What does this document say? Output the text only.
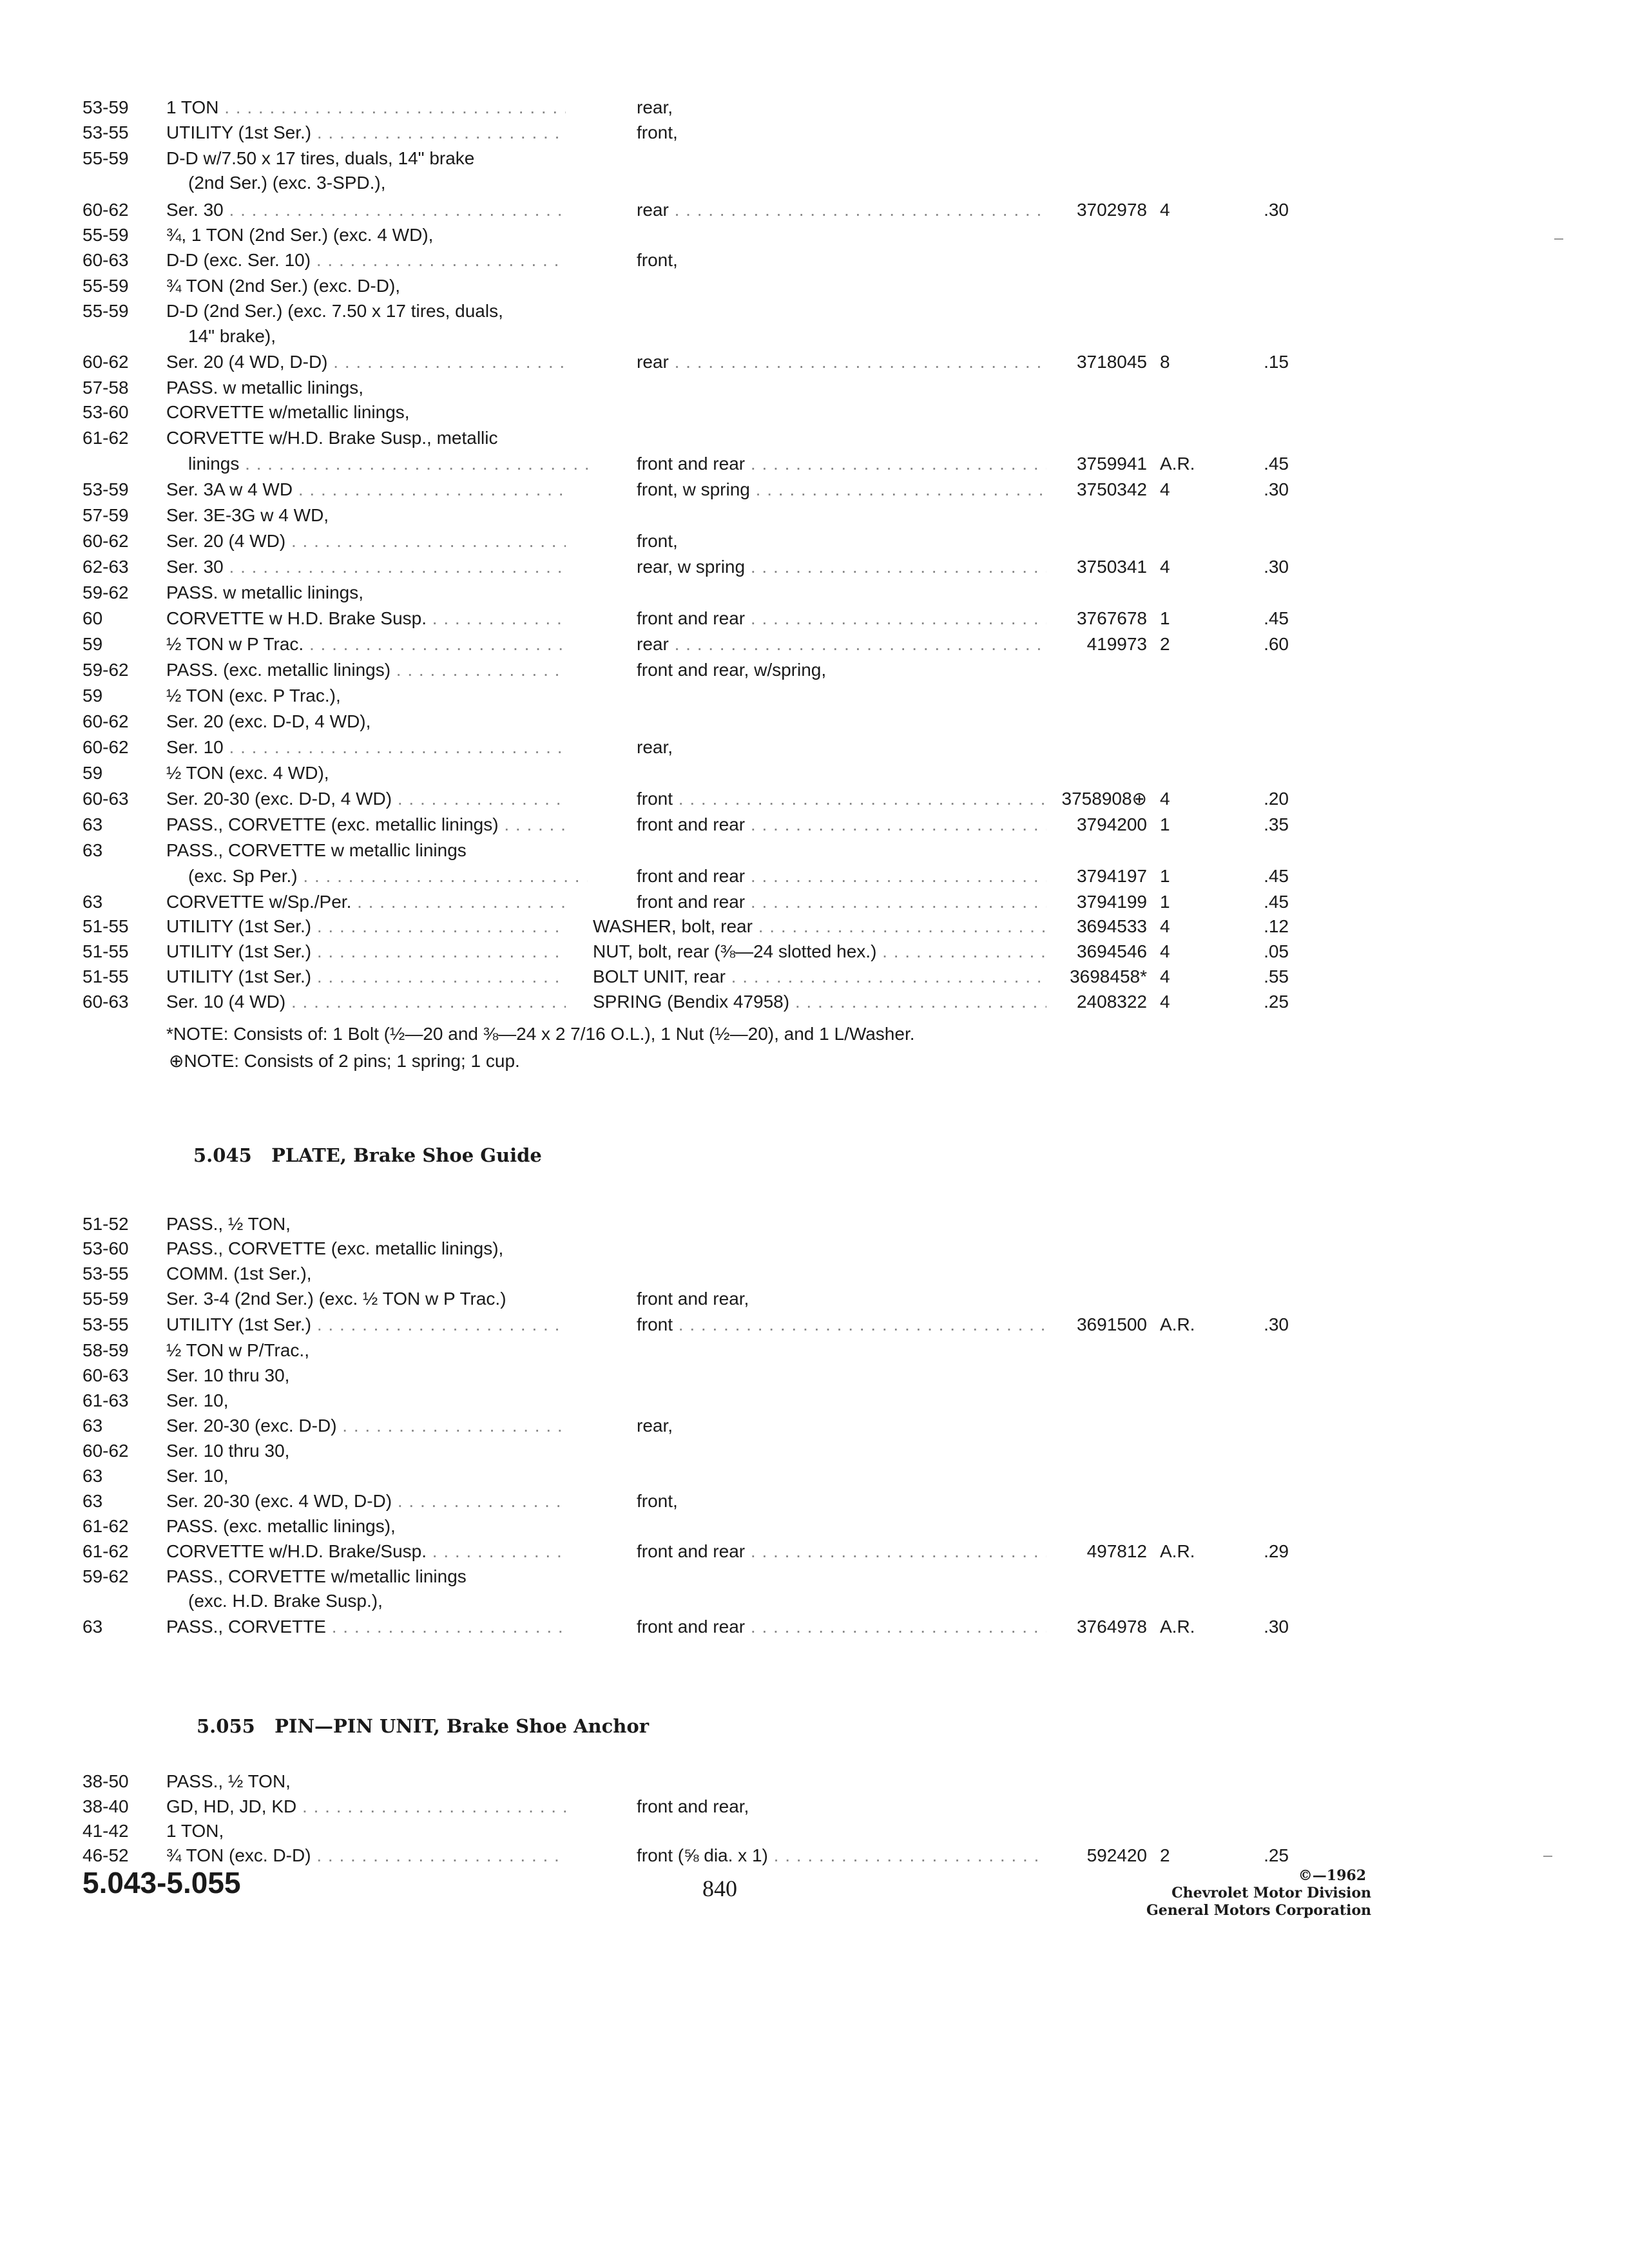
53-59	1 TON . . .	rear,
53-55	UTILITY (1st Ser.) . . .	front,
55-59	D-D w/7.50 x 17 tires, duals, 14" brake
(2nd Ser.) (exc. 3-SPD.),
60-62	Ser. 30 . . .	rear . . .	3702978 4	.30
55-59	¾, 1 TON (2nd Ser.) (exc. 4 WD),
60-63	D-D (exc. Ser. 10) . . .	front,
55-59	¾ TON (2nd Ser.) (exc. D-D),
55-59	D-D (2nd Ser.) (exc. 7.50 x 17 tires, duals,
14" brake),
60-62	Ser. 20 (4 WD, D-D) . . .	rear . . .	3718045 8	.15
57-58	PASS. w metallic linings,
53-60	CORVETTE w/metallic linings,
61-62	CORVETTE w/H.D. Brake Susp., metallic
linings . . .	front and rear . . .	3759941 A.R.	.45
53-59	Ser. 3A w 4 WD . . .	front, w spring . . .	3750342 4	.30
57-59	Ser. 3E-3G w 4 WD,
60-62	Ser. 20 (4 WD) . . .	front,
62-63	Ser. 30 . . .	rear, w spring . . .	3750341 4	.30
59-62	PASS. w metallic linings,
60	CORVETTE w H.D. Brake Susp. . . .	front and rear . . .	3767678 1	.45
59	½ TON w P Trac. . . .	rear . . .	419973 2	.60
59-62	PASS. (exc. metallic linings) . . .	front and rear, w/spring,
59	½ TON (exc. P Trac.),
60-62	Ser. 20 (exc. D-D, 4 WD),
60-62	Ser. 10 . . .	rear,
59	½ TON (exc. 4 WD),
60-63	Ser. 20-30 (exc. D-D, 4 WD) . . .	front . . .	3758908⊕ 4	.20
63	PASS., CORVETTE (exc. metallic linings) . . .	front and rear . . .	3794200 1	.35
63	PASS., CORVETTE w metallic linings
(exc. Sp Per.) . . .	front and rear . . .	3794197 1	.45
63	CORVETTE w/Sp./Per. . . .	front and rear . . .	3794199 1	.45
51-55	UTILITY (1st Ser.) . . .	WASHER, bolt, rear . . .	3694533 4	.12
51-55	UTILITY (1st Ser.) . . .	NUT, bolt, rear (⅜—24 slotted hex.) . . .	3694546 4	.05
51-55	UTILITY (1st Ser.) . . .	BOLT UNIT, rear . . .	3698458* 4	.55
60-63	Ser. 10 (4 WD) . . .	SPRING (Bendix 47958) . . .	2408322 4	.25
*NOTE: Consists of: 1 Bolt (½—20 and ⅜—24 x 2 7/16 O.L.), 1 Nut (½—20), and 1 L/Washer.
⊕NOTE: Consists of 2 pins; 1 spring; 1 cup.
5.045 PLATE, Brake Shoe Guide
51-52	PASS., ½ TON,
53-60	PASS., CORVETTE (exc. metallic linings),
53-55	COMM. (1st Ser.),
55-59	Ser. 3-4 (2nd Ser.) (exc. ½ TON w P Trac.)	front and rear,
53-55	UTILITY (1st Ser.) . . .	front . . .	3691500 A.R.	.30
58-59	½ TON w P/Trac.,
60-63	Ser. 10 thru 30,
61-63	Ser. 10,
63	Ser. 20-30 (exc. D-D) . . .	rear,
60-62	Ser. 10 thru 30,
63	Ser. 10,
63	Ser. 20-30 (exc. 4 WD, D-D) . . .	front,
61-62	PASS. (exc. metallic linings),
61-62	CORVETTE w/H.D. Brake/Susp. . . .	front and rear . . .	497812 A.R.	.29
59-62	PASS., CORVETTE w/metallic linings
(exc. H.D. Brake Susp.),
63	PASS., CORVETTE . . .	front and rear . . .	3764978 A.R.	.30
5.055 PIN—PIN UNIT, Brake Shoe Anchor
38-50	PASS., ½ TON,
38-40	GD, HD, JD, KD . . .	front and rear,
41-42	1 TON,
46-52	¾ TON (exc. D-D) . . .	front (⅝ dia. x 1) . . .	592420 2	.25
5.043-5.055	840	©—1962
Chevrolet Motor Division
General Motors Corporation
